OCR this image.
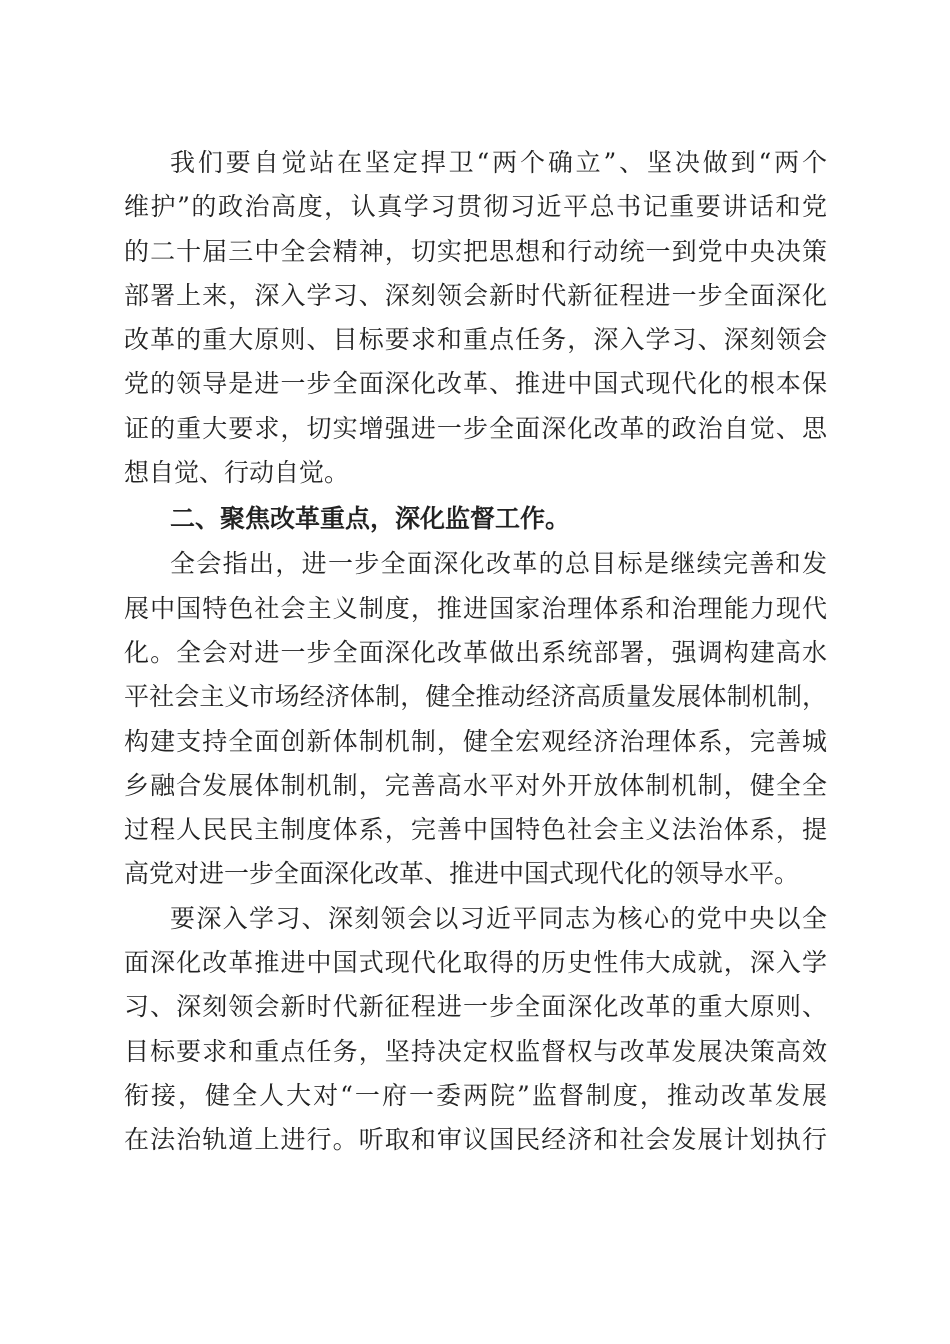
我们要自觉站在坚定捍卫“两个确立”、坚决做到“两个
维护”的政治高度，认真学习贯彻习近平总书记重要讲话和党
的二十届三中全会精神，切实把思想和行动统一到党中央决策
部署上来，深入学习、深刻领会新时代新征程进一步全面深化
改革的重大原则、目标要求和重点任务，深入学习、深刻领会
党的领导是进一步全面深化改革、推进中国式现代化的根本保
证的重大要求，切实增强进一步全面深化改革的政治自觉、思
想自觉、行动自觉。
二、聚焦改革重点，深化监督工作。
全会指出，进一步全面深化改革的总目标是继续完善和发
展中国特色社会主义制度，推进国家治理体系和治理能力现代
化。全会对进一步全面深化改革做出系统部署，强调构建高水
平社会主义市场经济体制，健全推动经济高质量发展体制机制，
构建支持全面创新体制机制，健全宏观经济治理体系，完善城
乡融合发展体制机制，完善高水平对外开放体制机制，健全全
过程人民民主制度体系，完善中国特色社会主义法治体系，提
高党对进一步全面深化改革、推进中国式现代化的领导水平。
要深入学习、深刻领会以习近平同志为核心的党中央以全
面深化改革推进中国式现代化取得的历史性伟大成就，深入学
习、深刻领会新时代新征程进一步全面深化改革的重大原则、
目标要求和重点任务，坚持决定权监督权与改革发展决策高效
衔接，健全人大对“一府一委两院”监督制度，推动改革发展
在法治轨道上进行。听取和审议国民经济和社会发展计划执行
